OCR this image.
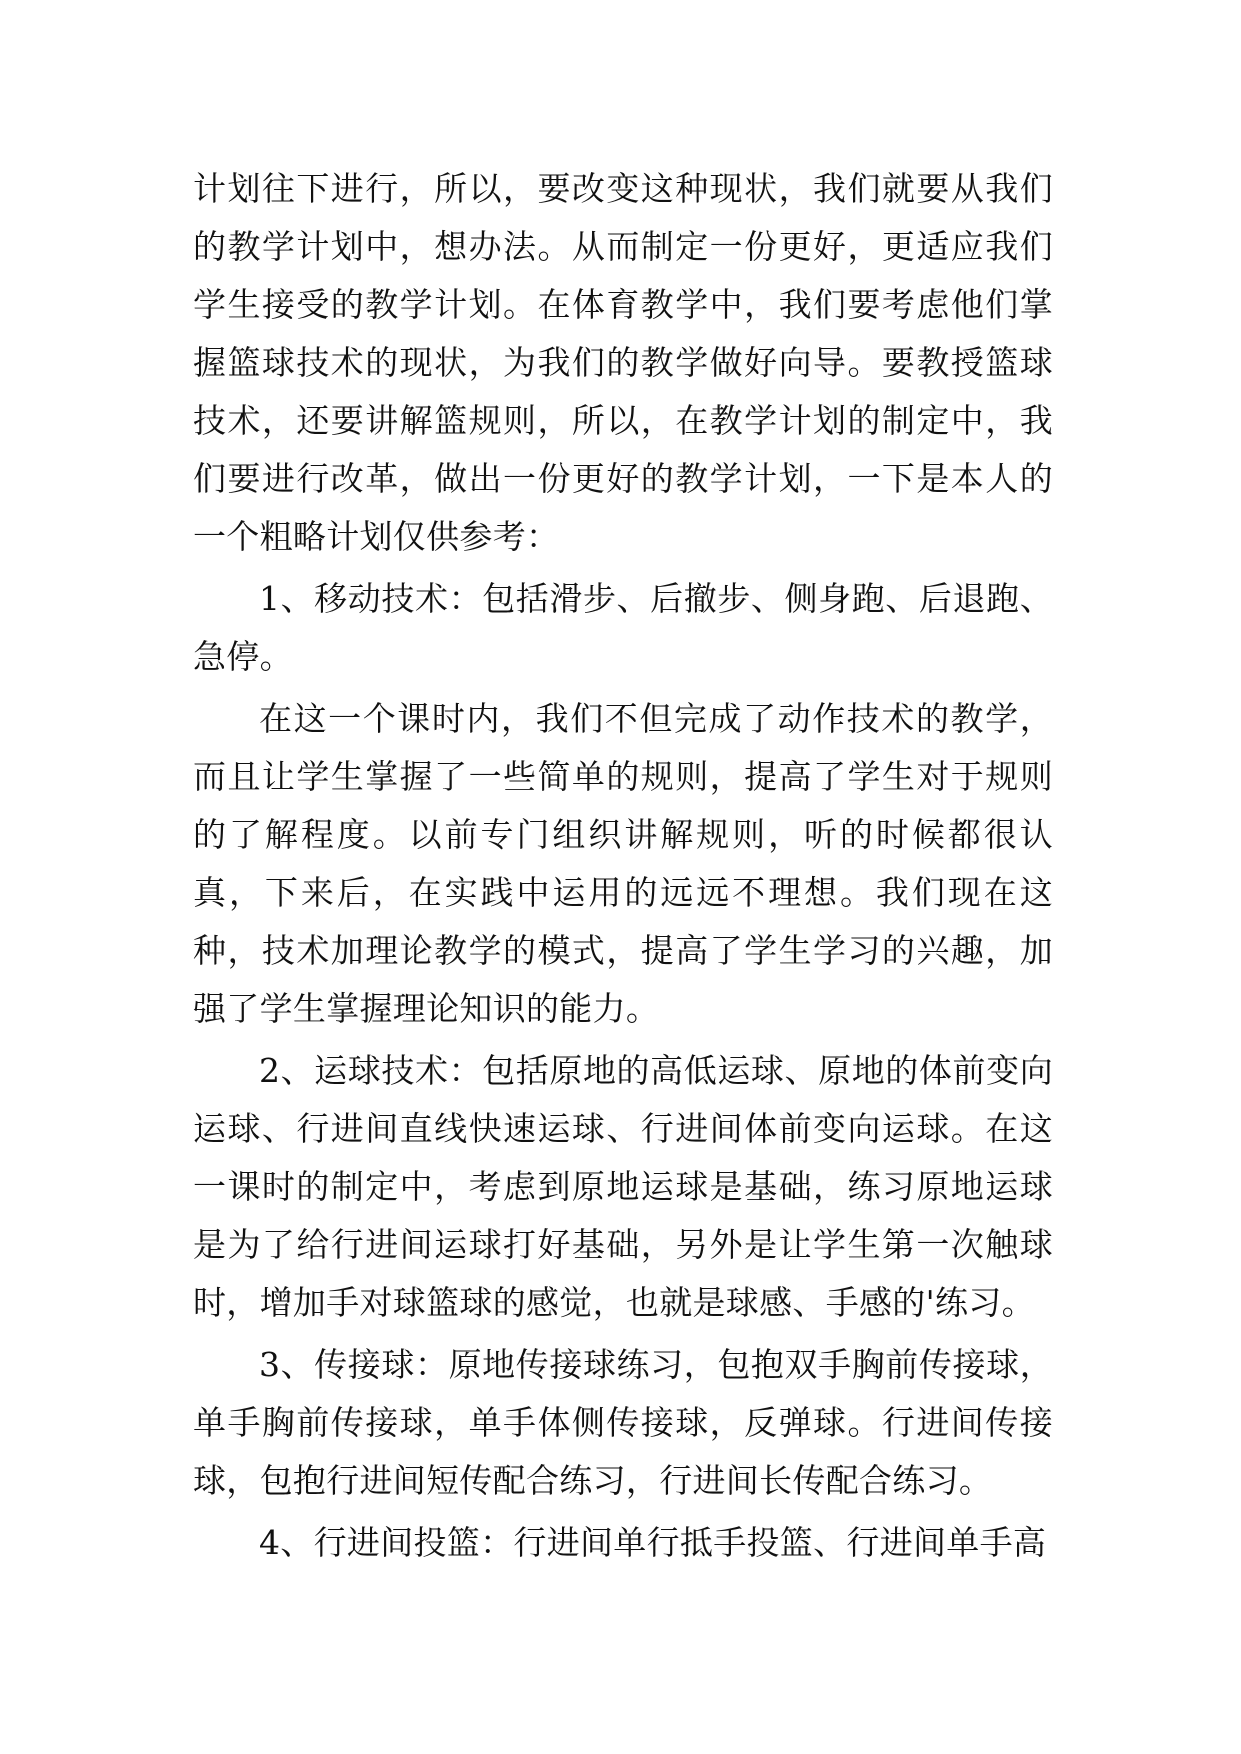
计划往下进行，所以，要改变这种现状，我们就要从我们的教学计划中，想办法。从而制定一份更好，更适应我们学生接受的教学计划。在体育教学中，我们要考虑他们掌握篮球技术的现状，为我们的教学做好向导。要教授篮球技术，还要讲解篮规则，所以，在教学计划的制定中，我们要进行改革，做出一份更好的教学计划，一下是本人的一个粗略计划仅供参考：

1、移动技术：包括滑步、后撤步、侧身跑、后退跑、急停。

在这一个课时内，我们不但完成了动作技术的教学，而且让学生掌握了一些简单的规则，提高了学生对于规则的了解程度。以前专门组织讲解规则，听的时候都很认真，下来后，在实践中运用的远远不理想。我们现在这种，技术加理论教学的模式，提高了学生学习的兴趣，加强了学生掌握理论知识的能力。

2、运球技术：包括原地的高低运球、原地的体前变向运球、行进间直线快速运球、行进间体前变向运球。在这一课时的制定中，考虑到原地运球是基础，练习原地运球是为了给行进间运球打好基础，另外是让学生第一次触球时，增加手对球篮球的感觉，也就是球感、手感的'练习。

3、传接球：原地传接球练习，包抱双手胸前传接球，单手胸前传接球，单手体侧传接球，反弹球。行进间传接球，包抱行进间短传配合练习，行进间长传配合练习。

4、行进间投篮：行进间单行抵手投篮、行进间单手高
